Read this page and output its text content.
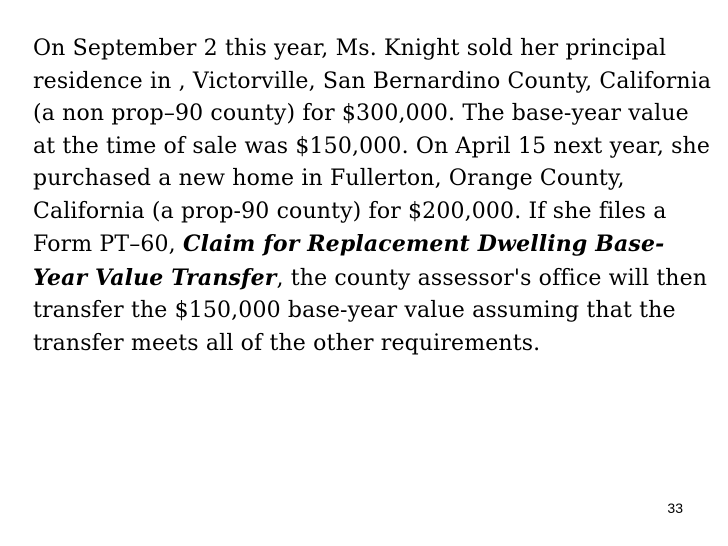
On September 2 this year, Ms. Knight sold her principal residence in , Victorville, San Bernardino County, California (a non prop–90 county) for $300,000. The base-year value at the time of sale was $150,000. On April 15 next year, she purchased a new home in Fullerton, Orange County, California (a prop-90 county) for $200,000. If she files a Form PT–60, Claim for Replacement Dwelling Base-Year Value Transfer, the county assessor's office will then transfer the $150,000 base-year value assuming that the transfer meets all of the other requirements.

33
